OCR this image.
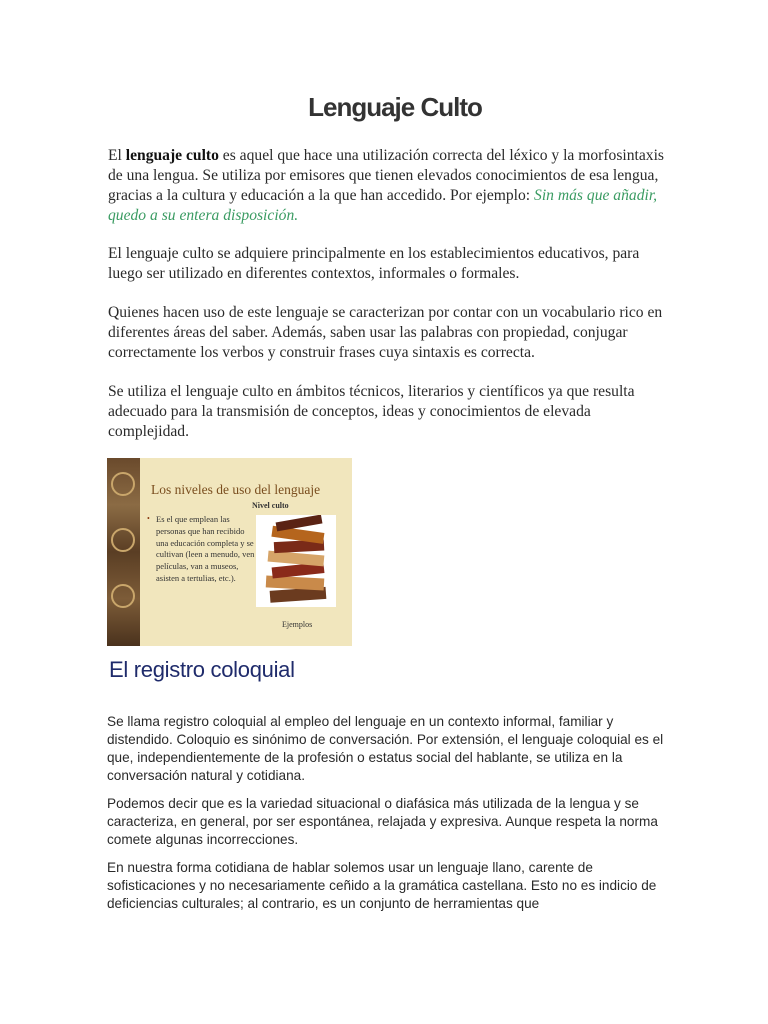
Lenguaje Culto

El lenguaje culto es aquel que hace una utilización correcta del léxico y la morfosintaxis de una lengua. Se utiliza por emisores que tienen elevados conocimientos de esa lengua, gracias a la cultura y educación a la que han accedido. Por ejemplo: Sin más que añadir, quedo a su entera disposición.

El lenguaje culto se adquiere principalmente en los establecimientos educativos, para luego ser utilizado en diferentes contextos, informales o formales.

Quienes hacen uso de este lenguaje se caracterizan por contar con un vocabulario rico en diferentes áreas del saber. Además, saben usar las palabras con propiedad, conjugar correctamente los verbos y construir frases cuya sintaxis es correcta.

Se utiliza el lenguaje culto en ámbitos técnicos, literarios y científicos ya que resulta adecuado para la transmisión de conceptos, ideas y conocimientos de elevada complejidad.

Los niveles de uso del lenguaje

Nivel culto

• Es el que emplean las personas que han recibido una educación completa y se cultivan (leen a menudo, ven películas, van a museos, asisten a tertulias, etc.).

Ejemplos

El registro coloquial

Se llama registro coloquial al empleo del lenguaje en un contexto informal, familiar y distendido. Coloquio es sinónimo de conversación. Por extensión, el lenguaje coloquial es el que, independientemente de la profesión o estatus social del hablante, se utiliza en la conversación natural y cotidiana.

Podemos decir que es la variedad situacional o diafásica más utilizada de la lengua y se caracteriza, en general, por ser espontánea, relajada y expresiva. Aunque respeta la norma comete algunas incorrecciones.

En nuestra forma cotidiana de hablar solemos usar un lenguaje llano, carente de sofisticaciones y no necesariamente ceñido a la gramática castellana. Esto no es indicio de deficiencias culturales; al contrario, es un conjunto de herramientas que
